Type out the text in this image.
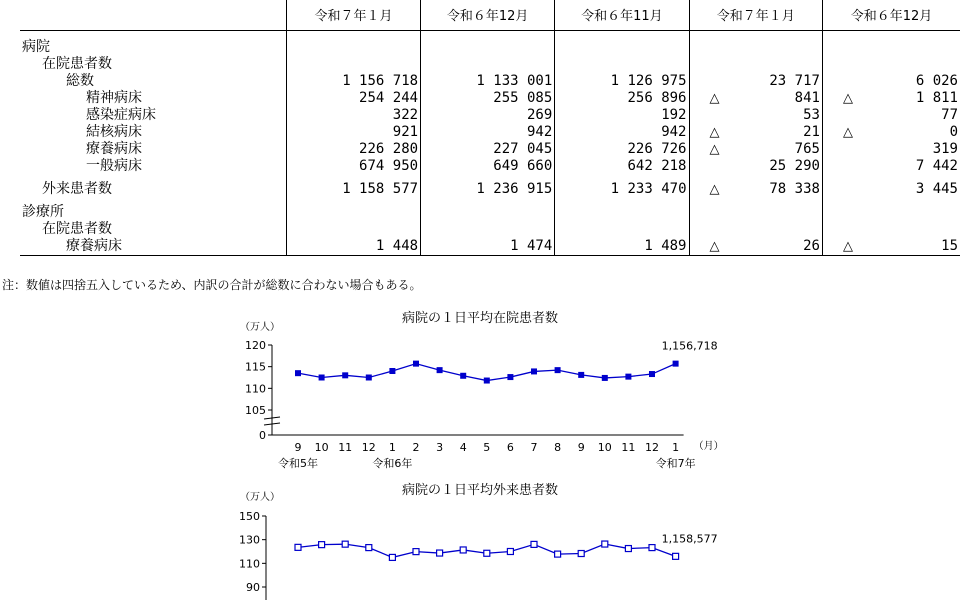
	令和７年１月	令和６年12月	令和６年11月	令和７年１月	令和６年12月
病院					
在院患者数					
総数	1 156 718	1 133 001	1 126 975	23 717	6 026
精神病床	254 244	255 085	256 896	△ 841	△ 1 811
感染症病床	322	269	192	53	77
結核病床	921	942	942	△ 21	△ 0
療養病床	226 280	227 045	226 726	△ 765	319
一般病床	674 950	649 660	642 218	25 290	7 442

外来患者数	1 158 577	1 236 915	1 233 470	△ 78 338	3 445

診療所					
在院患者数					
療養病床	1 448	1 474	1 489	△ 26	△ 15
注：数値は四捨五入しているため、内訳の合計が総数に合わない場合もある。
病院の１日平均在院患者数
（万人）
0
105
110
115
120	1,156,718
9 10 11 12 1 2 3 4 5 6 7 8 9 10 11 12 1 （月）
令和5年	令和6年	令和7年
病院の１日平均外来患者数
（万人）
90
110
130
150
1,158,577
